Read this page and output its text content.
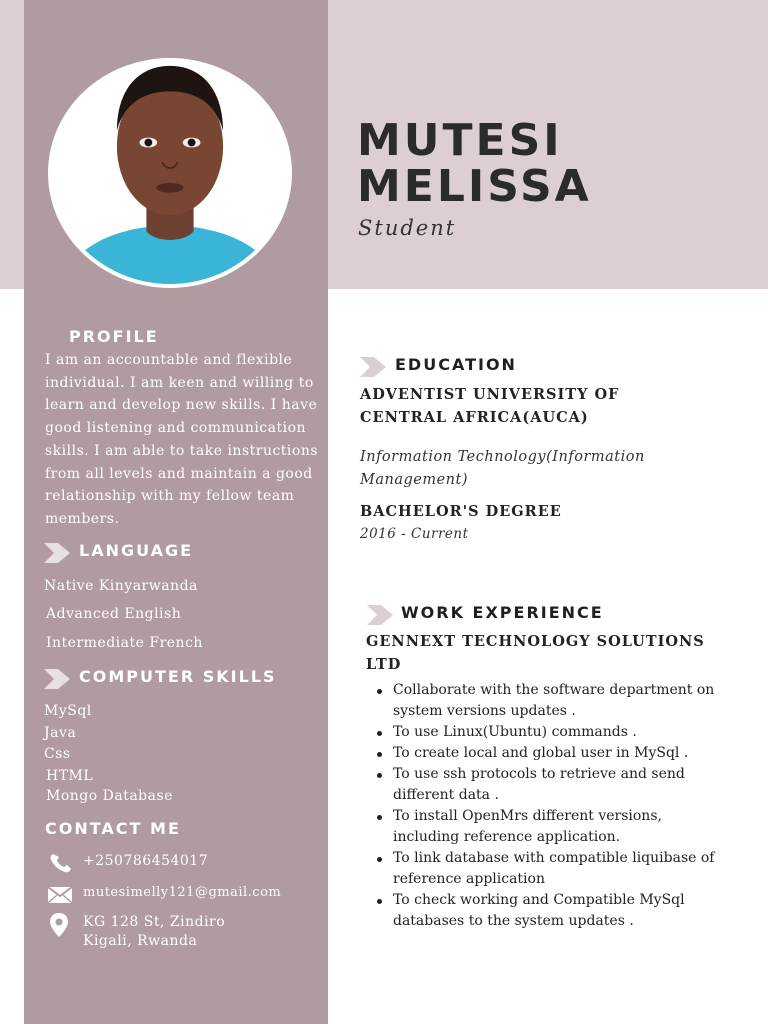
MUTESI
MELISSA
Student
PROFILE
I am an accountable and flexible individual. I am keen and willing to learn and develop new skills. I have good listening and communication skills. I am able to take instructions from all levels and maintain a good relationship with my fellow team members.
LANGUAGE
Native Kinyarwanda
Advanced English
Intermediate French
COMPUTER SKILLS
MySql
Java
Css
HTML
Mongo Database
CONTACT ME
+250786454017
mutesimelly121@gmail.com
KG 128 St, Zindiro
Kigali, Rwanda
EDUCATION
ADVENTIST UNIVERSITY OF CENTRAL AFRICA(AUCA)
Information Technology(Information Management)
BACHELOR'S DEGREE
2016 - Current
WORK EXPERIENCE
GENNEXT TECHNOLOGY SOLUTIONS LTD
Collaborate with the software department on system versions updates .
To use Linux(Ubuntu) commands .
To create local and global user in MySql .
To use ssh protocols to retrieve and send different data .
To install OpenMrs different versions, including reference application.
To link database with compatible liquibase of reference application
To check working and Compatible MySql databases to the system updates .
